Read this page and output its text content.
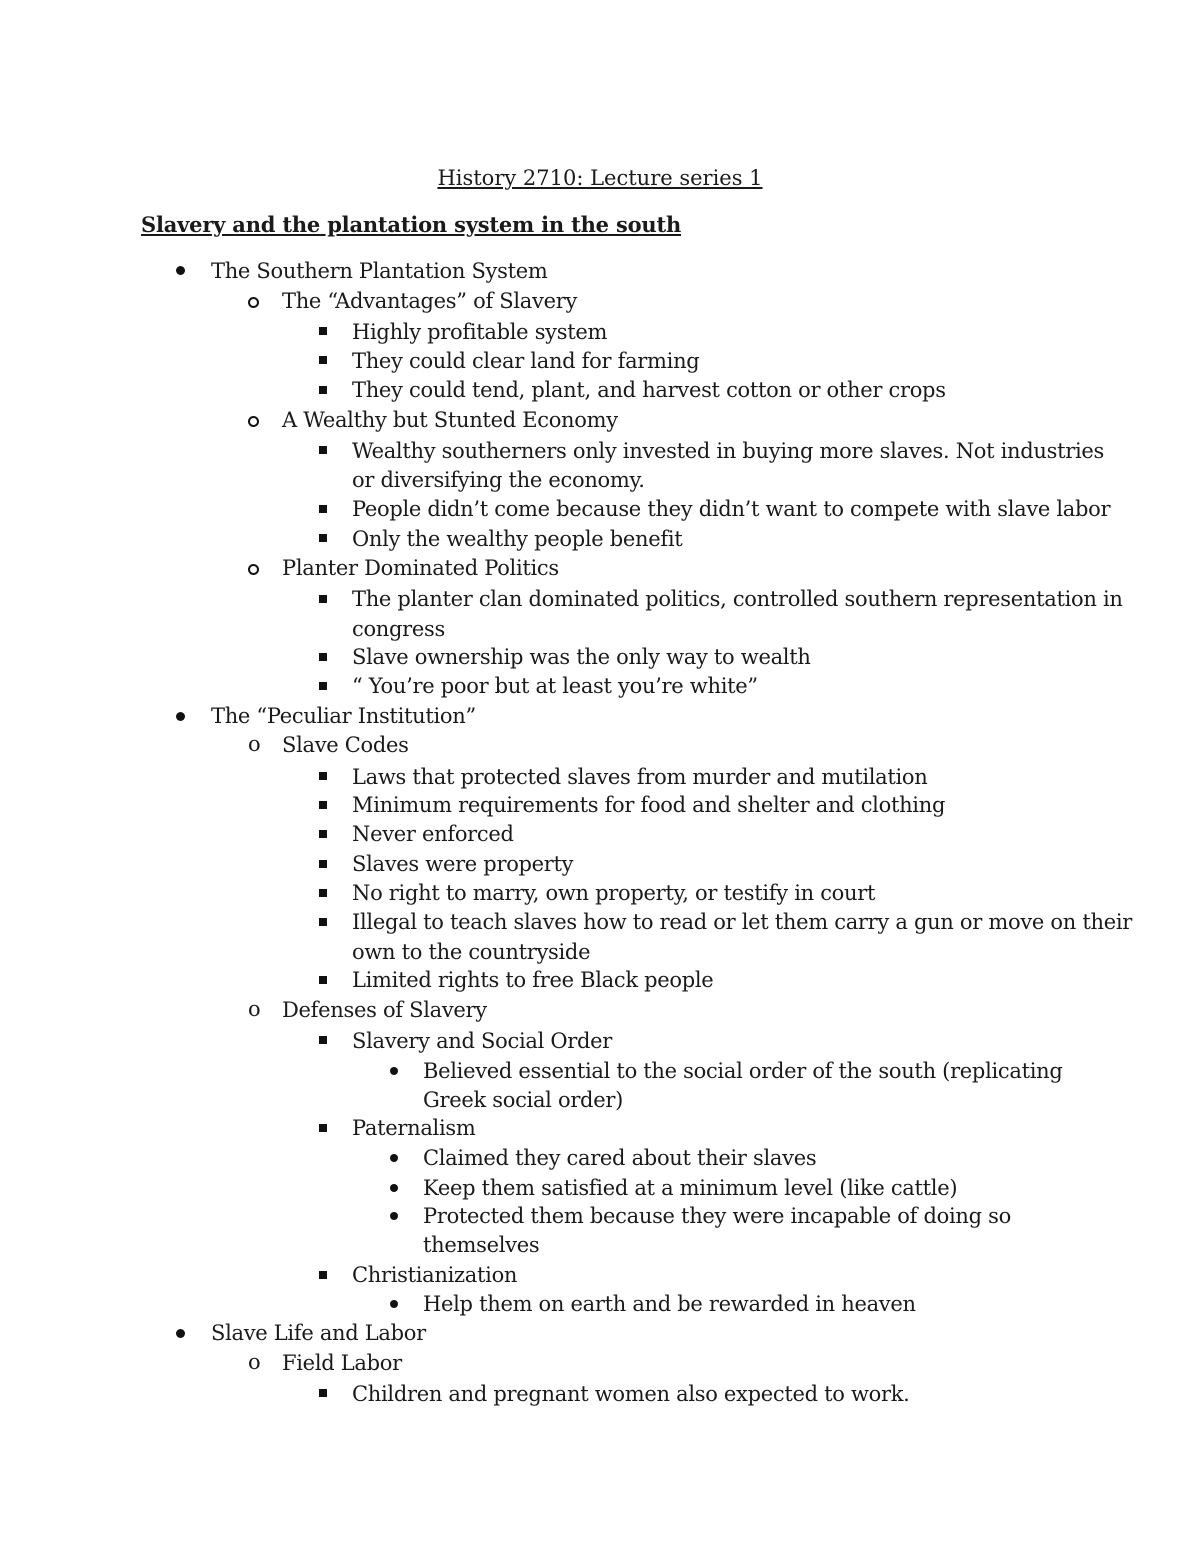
History 2710: Lecture series 1
Slavery and the plantation system in the south
The Southern Plantation System
The “Advantages” of Slavery
Highly profitable system
They could clear land for farming
They could tend, plant, and harvest cotton or other crops
A Wealthy but Stunted Economy
Wealthy southerners only invested in buying more slaves. Not industries
or diversifying the economy.
People didn’t come because they didn’t want to compete with slave labor
Only the wealthy people benefit
Planter Dominated Politics
The planter clan dominated politics, controlled southern representation in
congress
Slave ownership was the only way to wealth
“ You’re poor but at least you’re white”
The “Peculiar Institution”
o Slave Codes
Laws that protected slaves from murder and mutilation
Minimum requirements for food and shelter and clothing
Never enforced
Slaves were property
No right to marry, own property, or testify in court
Illegal to teach slaves how to read or let them carry a gun or move on their
own to the countryside
Limited rights to free Black people
o Defenses of Slavery
Slavery and Social Order
Believed essential to the social order of the south (replicating
Greek social order)
Paternalism
Claimed they cared about their slaves
Keep them satisfied at a minimum level (like cattle)
Protected them because they were incapable of doing so
themselves
Christianization
Help them on earth and be rewarded in heaven
Slave Life and Labor
o Field Labor
Children and pregnant women also expected to work.
